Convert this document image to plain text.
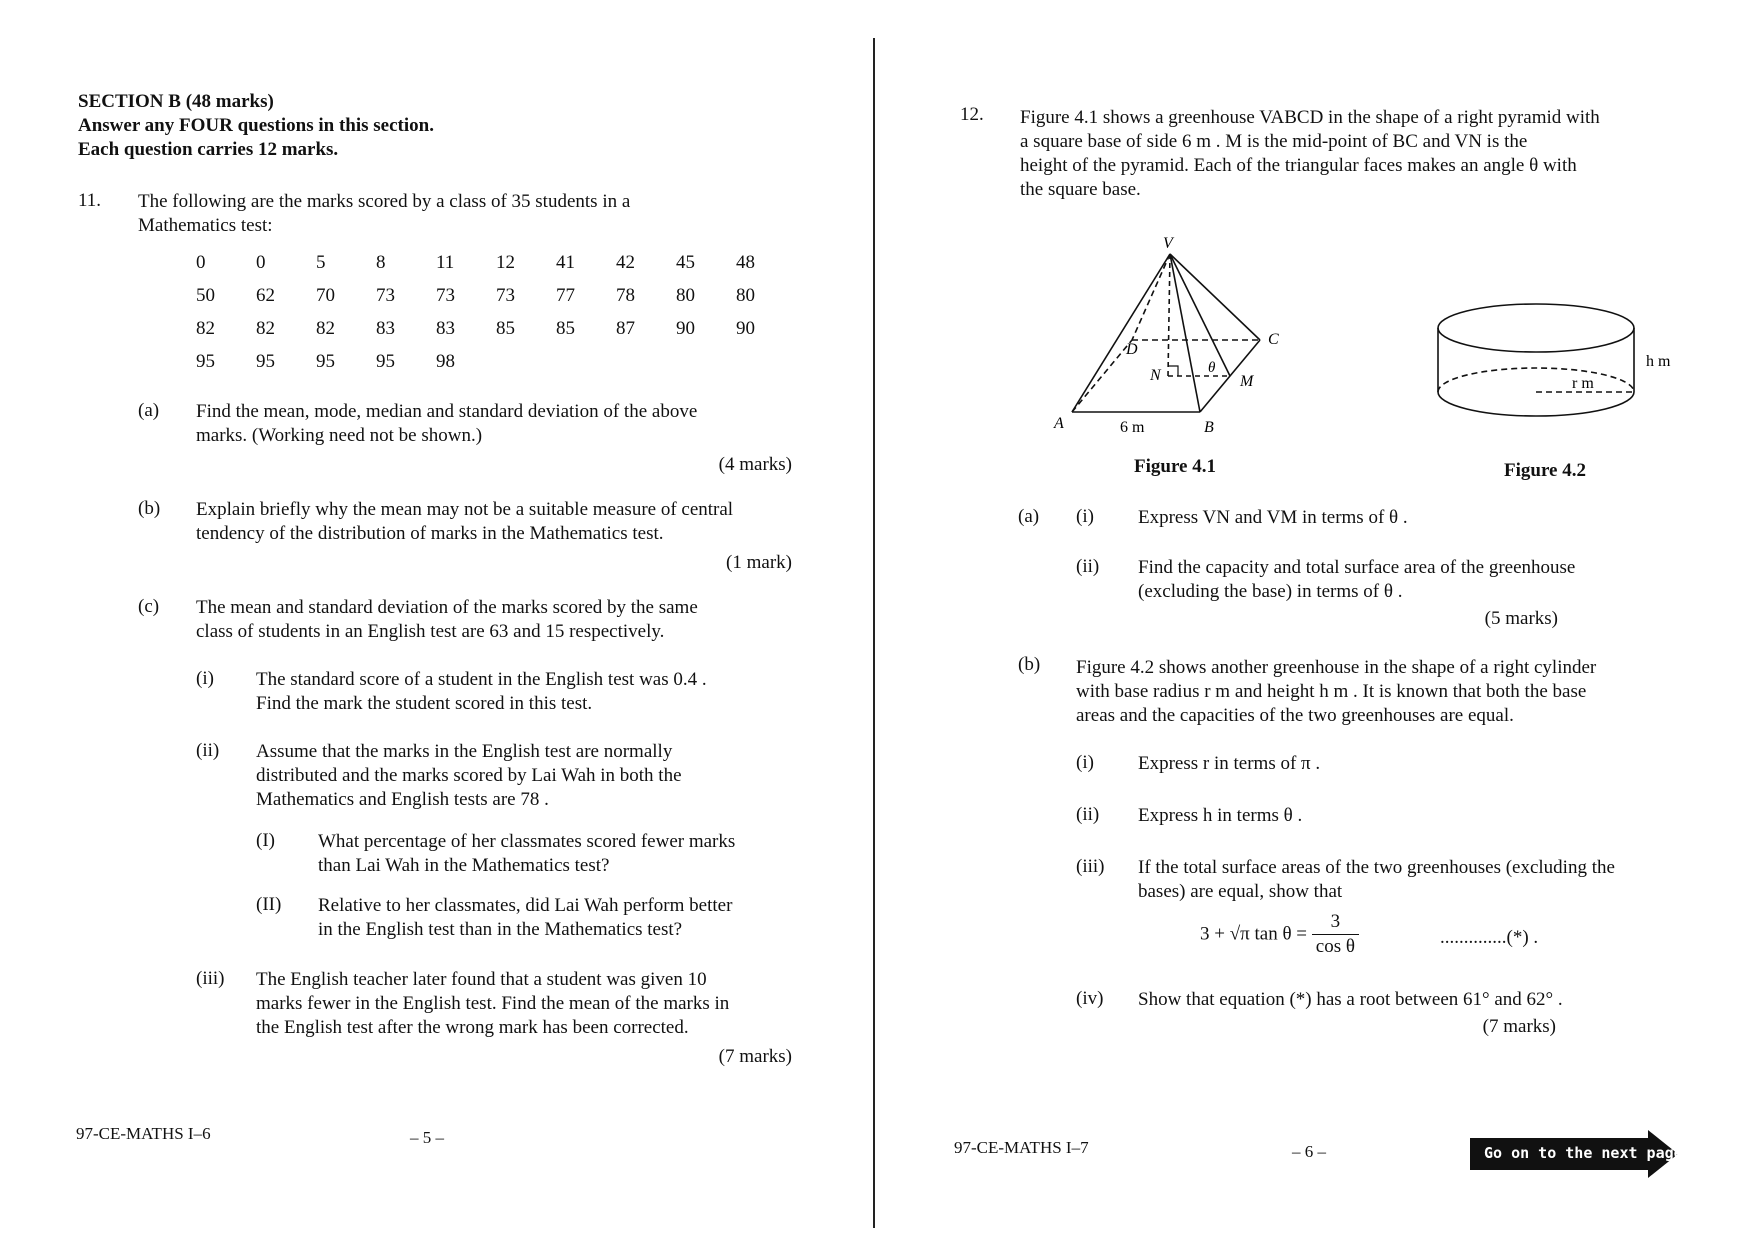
SECTION B (48 marks)
Answer any FOUR questions in this section.
Each question carries 12 marks.
11. The following are the marks scored by a class of 35 students in a
Mathematics test:
0	0	5	8	11	12	41	42	45	48
50	62	70	73	73	73	77	78	80	80
82	82	82	83	83	85	85	87	90	90
95	95	95	95	98					
(a) Find the mean, mode, median and standard deviation of the above
marks. (Working need not be shown.)
(4 marks)
(b) Explain briefly why the mean may not be a suitable measure of central
tendency of the distribution of marks in the Mathematics test.
(1 mark)
(c) The mean and standard deviation of the marks scored by the same
class of students in an English test are 63 and 15 respectively.
(i) The standard score of a student in the English test was 0.4 .
Find the mark the student scored in this test.
(ii) Assume that the marks in the English test are normally
distributed and the marks scored by Lai Wah in both the
Mathematics and English tests are 78 .
(I) What percentage of her classmates scored fewer marks
than Lai Wah in the Mathematics test?
(II) Relative to her classmates, did Lai Wah perform better
in the English test than in the Mathematics test?
(iii) The English teacher later found that a student was given 10
marks fewer in the English test. Find the mean of the marks in
the English test after the wrong mark has been corrected.
(7 marks)
97-CE-MATHS I–6	– 5 –
12. Figure 4.1 shows a greenhouse VABCD in the shape of a right pyramid with
a square base of side 6 m . M is the mid-point of BC and VN is the
height of the pyramid. Each of the triangular faces makes an angle θ with
the square base.
V
A	B
C
D
N	M
θ
6 m
Figure 4.1
h m
r m
Figure 4.2
(a) (i) Express VN and VM in terms of θ .
(ii) Find the capacity and total surface area of the greenhouse
(excluding the base) in terms of θ .
(5 marks)
(b) Figure 4.2 shows another greenhouse in the shape of a right cylinder
with base radius r m and height h m . It is known that both the base
areas and the capacities of the two greenhouses are equal.
(i) Express r in terms of π .
(ii) Express h in terms θ .
(iii) If the total surface areas of the two greenhouses (excluding the
bases) are equal, show that
3 + √π $\tan \theta = \frac{3}{\text{cos θ}}$	..............(*) .
(iv) Show that equation (*) has a root between 61° and 62° .
(7 marks)
97-CE-MATHS I–7	– 6 –	Go on to the next page
